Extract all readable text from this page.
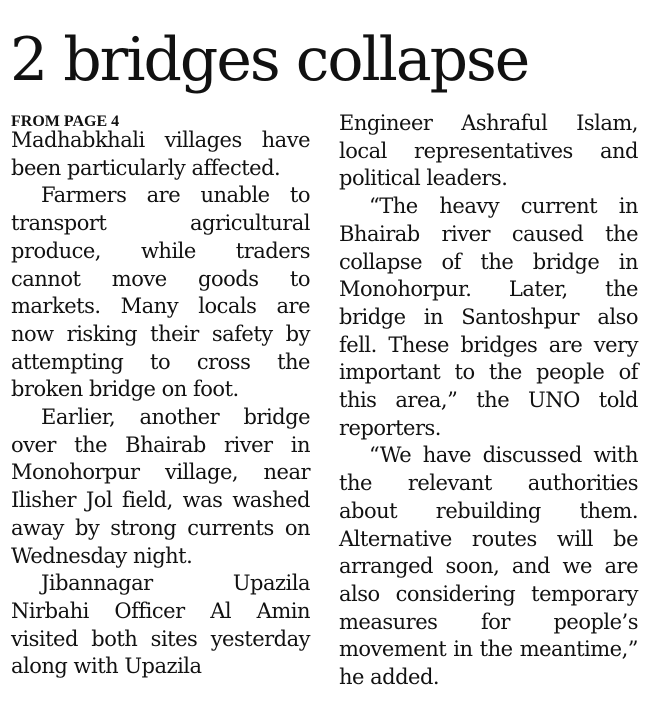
2 bridges collapse
FROM PAGE 4

Madhabkhali villages have been particularly affected.

Farmers are unable to transport agricultural produce, while traders cannot move goods to markets. Many locals are now risking their safety by attempting to cross the broken bridge on foot.

Earlier, another bridge over the Bhairab river in Monohorpur village, near Ilisher Jol field, was washed away by strong currents on Wednesday night.

Jibannagar Upazila Nirbahi Officer Al Amin visited both sites yesterday along with Upazila

Engineer Ashraful Islam, local representatives and political leaders.

“The heavy current in Bhairab river caused the collapse of the bridge in Monohorpur. Later, the bridge in Santoshpur also fell. These bridges are very important to the people of this area,” the UNO told reporters.

“We have discussed with the relevant authorities about rebuilding them. Alternative routes will be arranged soon, and we are also considering temporary measures for people’s movement in the meantime,” he added.
